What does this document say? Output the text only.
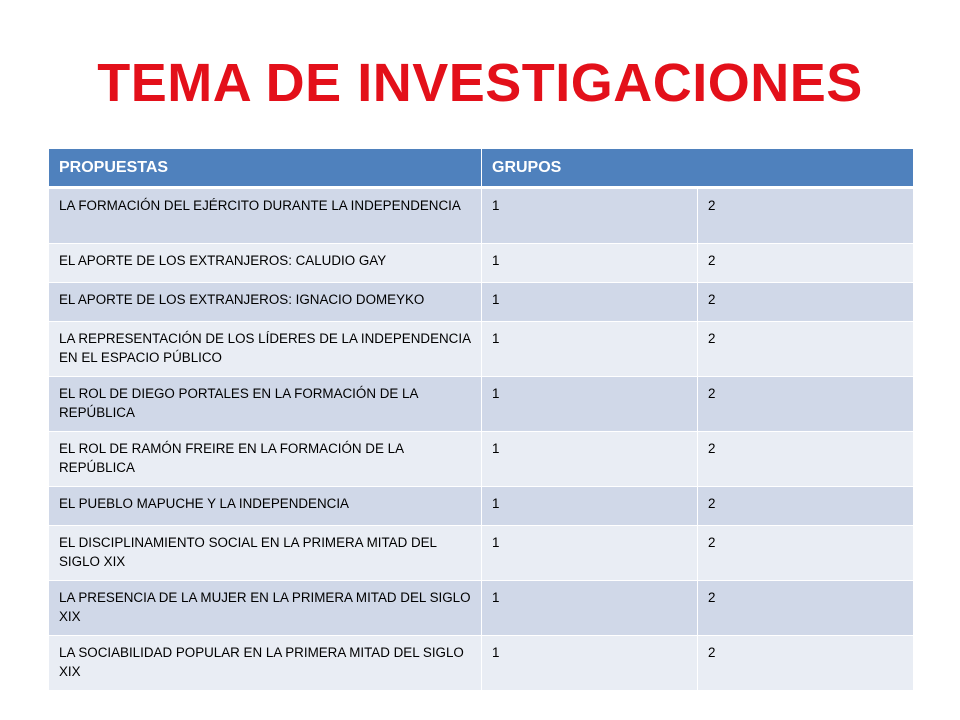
TEMA DE INVESTIGACIONES
PROPUESTAS	GRUPOS	
LA FORMACIÓN DEL EJÉRCITO DURANTE LA INDEPENDENCIA	1	2
EL APORTE DE LOS EXTRANJEROS: CALUDIO GAY	1	2
EL APORTE DE LOS EXTRANJEROS: IGNACIO DOMEYKO	1	2
LA REPRESENTACIÓN DE LOS LÍDERES DE LA INDEPENDENCIA EN EL ESPACIO PÚBLICO	1	2
EL ROL DE DIEGO PORTALES EN LA FORMACIÓN DE LA REPÚBLICA	1	2
EL ROL DE RAMÓN FREIRE EN LA FORMACIÓN DE LA REPÚBLICA	1	2
EL PUEBLO MAPUCHE Y LA INDEPENDENCIA	1	2
EL DISCIPLINAMIENTO SOCIAL EN LA PRIMERA MITAD DEL SIGLO XIX	1	2
LA PRESENCIA DE LA MUJER EN LA PRIMERA MITAD DEL SIGLO XIX	1	2
LA SOCIABILIDAD POPULAR EN LA PRIMERA MITAD DEL SIGLO XIX	1	2
